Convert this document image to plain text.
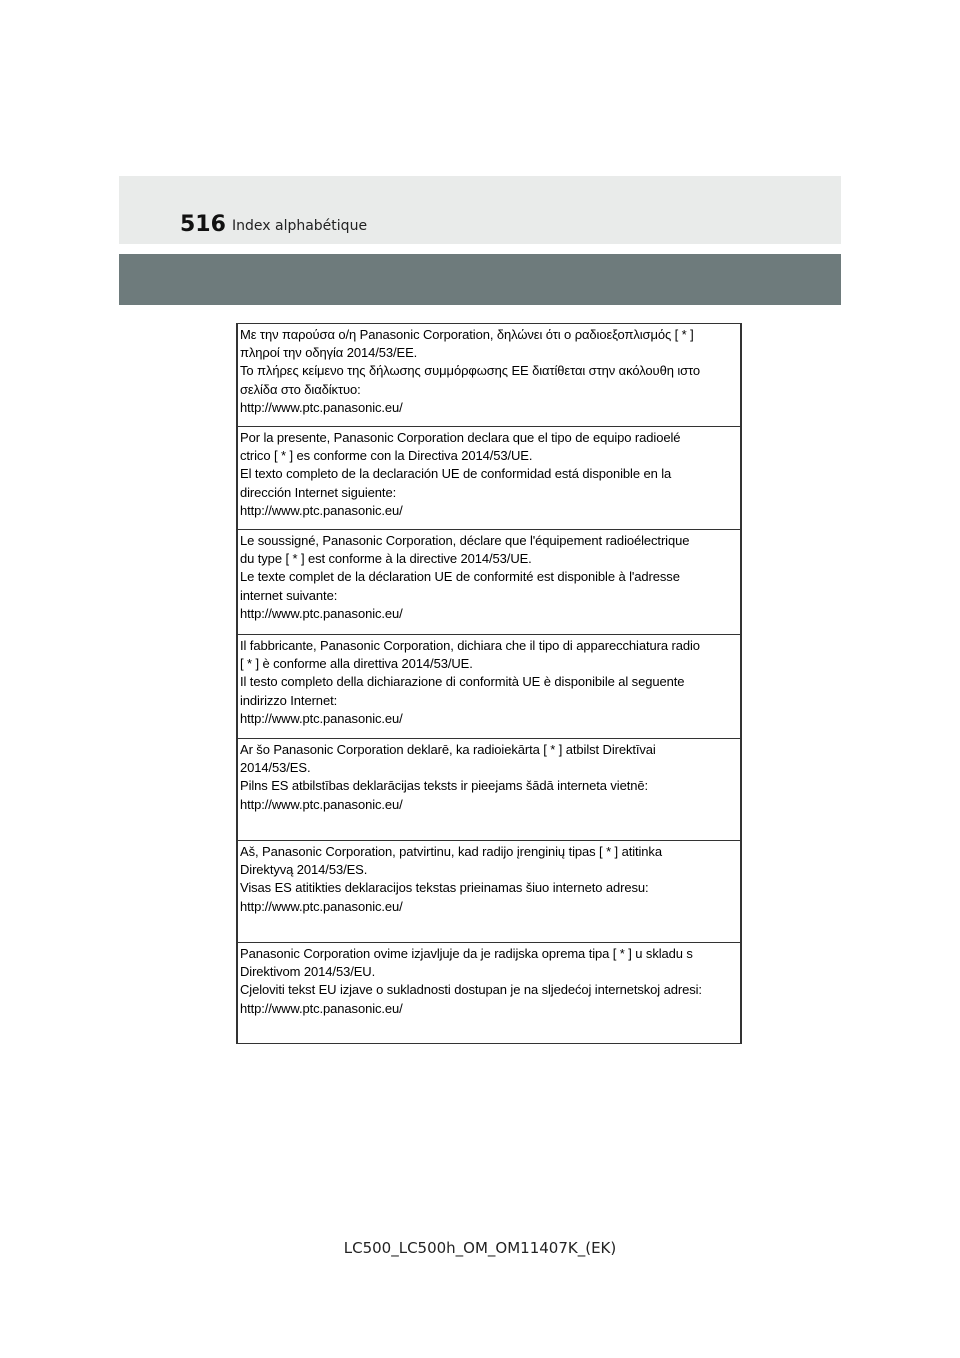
516 Index alphabétique
Με την παρούσα ο/η Panasonic Corporation, δηλώνει ότι ο ραδιοεξοπλισμός [ * ]
πληροί την οδηγία 2014/53/ΕΕ.
Το πλήρες κείμενο της δήλωσης συμμόρφωσης ΕΕ διατίθεται στην ακόλουθη ιστο
σελίδα στο διαδίκτυο:
http://www.ptc.panasonic.eu/
Por la presente, Panasonic Corporation declara que el tipo de equipo radioelé
ctrico [ * ] es conforme con la Directiva 2014/53/UE.
El texto completo de la declaración UE de conformidad está disponible en la
dirección Internet siguiente:
http://www.ptc.panasonic.eu/
Le soussigné, Panasonic Corporation, déclare que l'équipement radioélectrique
du type [ * ] est conforme à la directive 2014/53/UE.
Le texte complet de la déclaration UE de conformité est disponible à l'adresse
internet suivante:
http://www.ptc.panasonic.eu/
Il fabbricante, Panasonic Corporation, dichiara che il tipo di apparecchiatura radio
[ * ] è conforme alla direttiva 2014/53/UE.
Il testo completo della dichiarazione di conformità UE è disponibile al seguente
indirizzo Internet:
http://www.ptc.panasonic.eu/
Ar šo Panasonic Corporation deklarē, ka radioiekārta [ * ] atbilst Direktīvai
2014/53/ES.
Pilns ES atbilstības deklarācijas teksts ir pieejams šādā interneta vietnē:
http://www.ptc.panasonic.eu/
Aš, Panasonic Corporation, patvirtinu, kad radijo įrenginių tipas [ * ] atitinka
Direktyvą 2014/53/ES.
Visas ES atitikties deklaracijos tekstas prieinamas šiuo interneto adresu:
http://www.ptc.panasonic.eu/
Panasonic Corporation ovime izjavljuje da je radijska oprema tipa [ * ] u skladu s
Direktivom 2014/53/EU.
Cjeloviti tekst EU izjave o sukladnosti dostupan je na sljedećoj internetskoj adresi:
http://www.ptc.panasonic.eu/
LC500_LC500h_OM_OM11407K_(EK)
